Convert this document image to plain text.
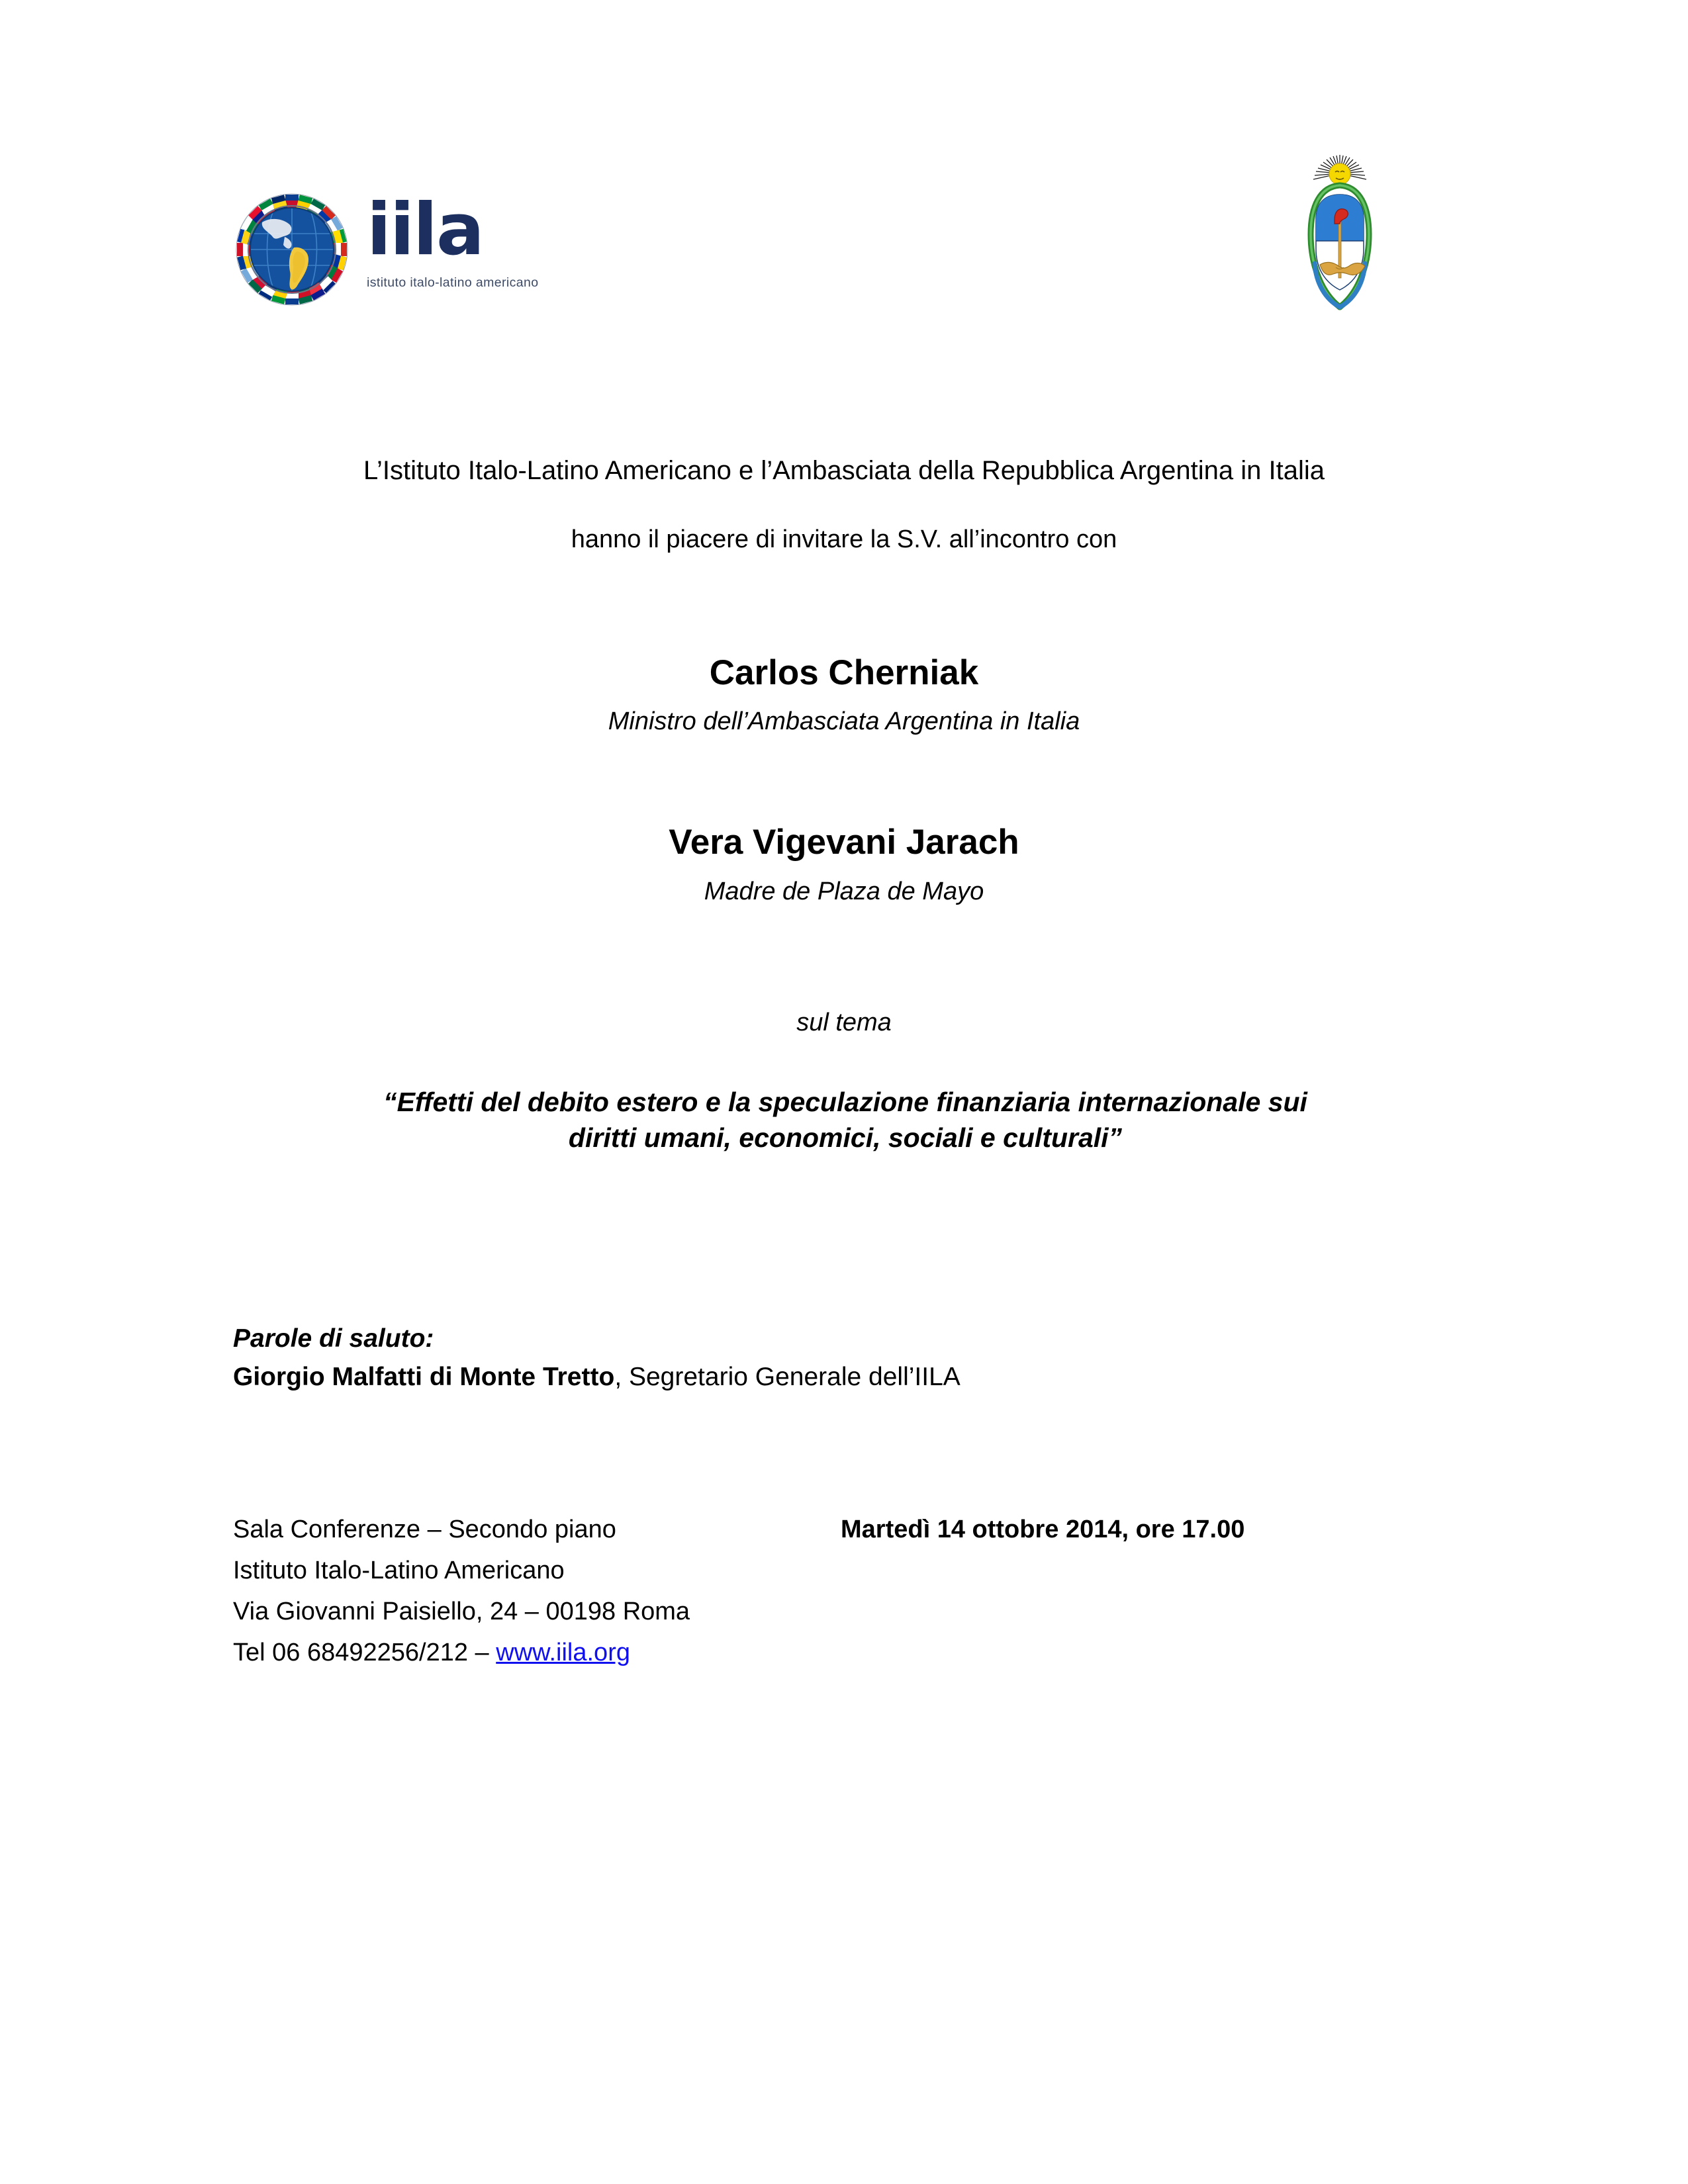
iila
istituto italo-latino americano
L’Istituto Italo-Latino Americano e l’Ambasciata della Repubblica Argentina in Italia
hanno il piacere di invitare la S.V. all’incontro con
Carlos Cherniak
Ministro dell’Ambasciata Argentina in Italia
Vera Vigevani Jarach
Madre de Plaza de Mayo
sul tema
“Effetti del debito estero e la speculazione finanziaria internazionale sui
diritti umani, economici, sociali e culturali”
Parole di saluto:
Giorgio Malfatti di Monte Tretto, Segretario Generale dell’IILA
Sala Conferenze – Secondo piano	Martedì 14 ottobre 2014, ore 17.00
Istituto Italo-Latino Americano
Via Giovanni Paisiello, 24 – 00198 Roma
Tel 06 68492256/212 – www.iila.org
